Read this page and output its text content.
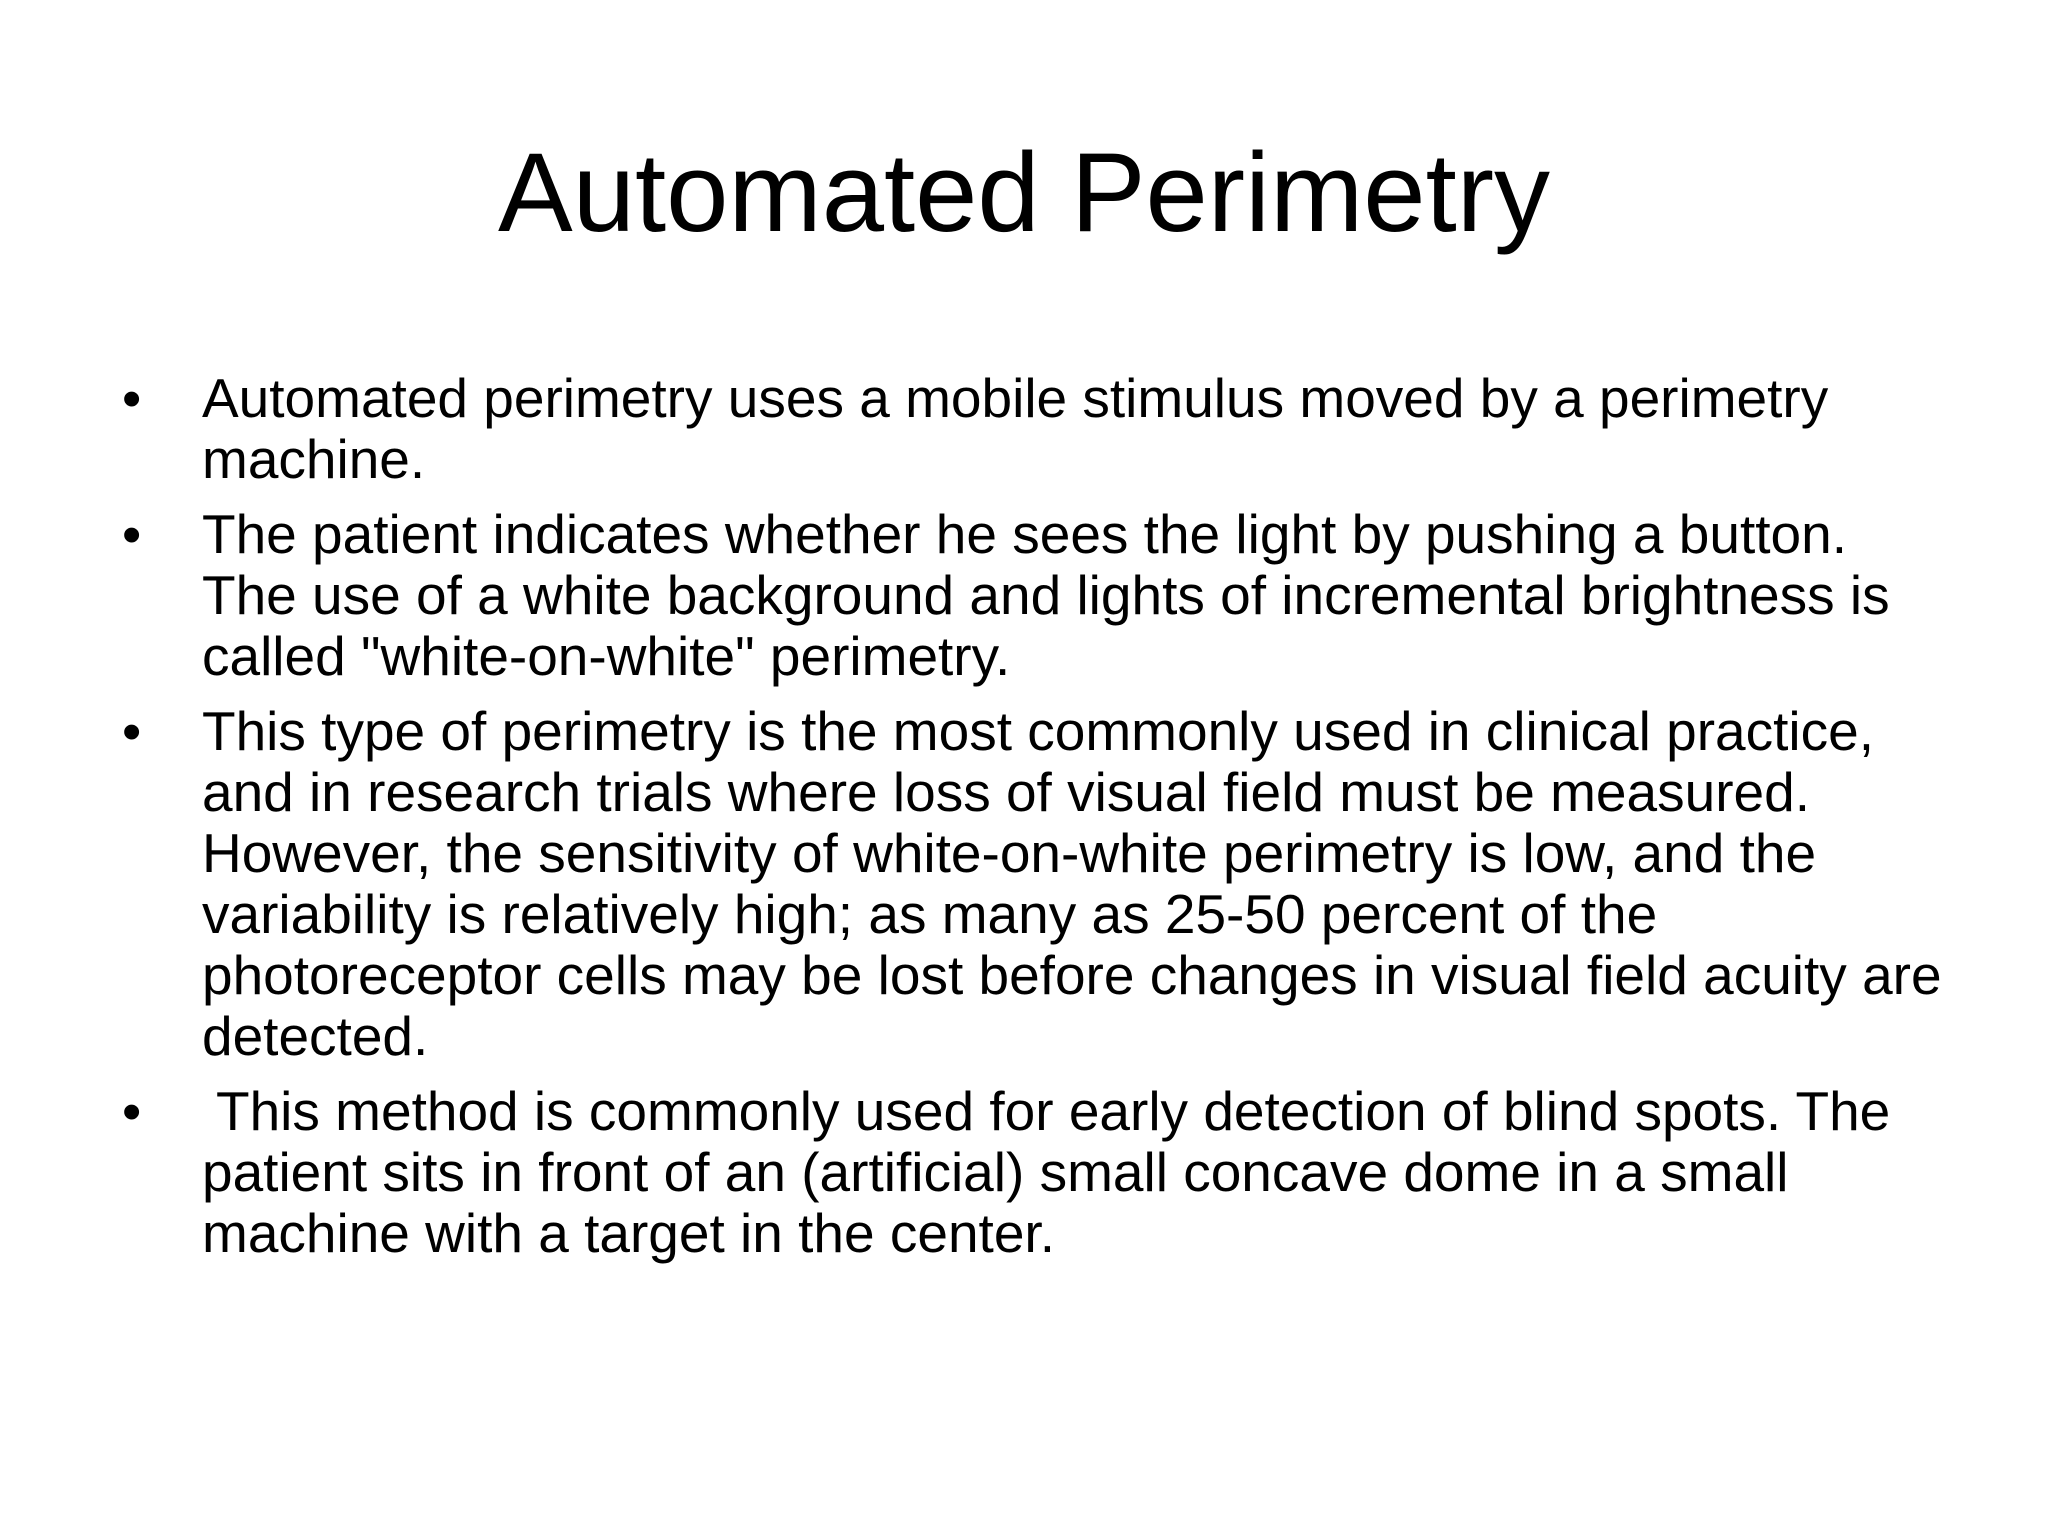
Automated Perimetry
•	Automated perimetry uses a mobile stimulus moved by a perimetry machine.
•	The patient indicates whether he sees the light by pushing a button. The use of a white background and lights of incremental brightness is called "white-on-white" perimetry.
•	This type of perimetry is the most commonly used in clinical practice, and in research trials where loss of visual field must be measured. However, the sensitivity of white-on-white perimetry is low, and the variability is relatively high; as many as 25-50 percent of the photoreceptor cells may be lost before changes in visual field acuity are detected.
•	This method is commonly used for early detection of blind spots. The patient sits in front of an (artificial) small concave dome in a small machine with a target in the center.
